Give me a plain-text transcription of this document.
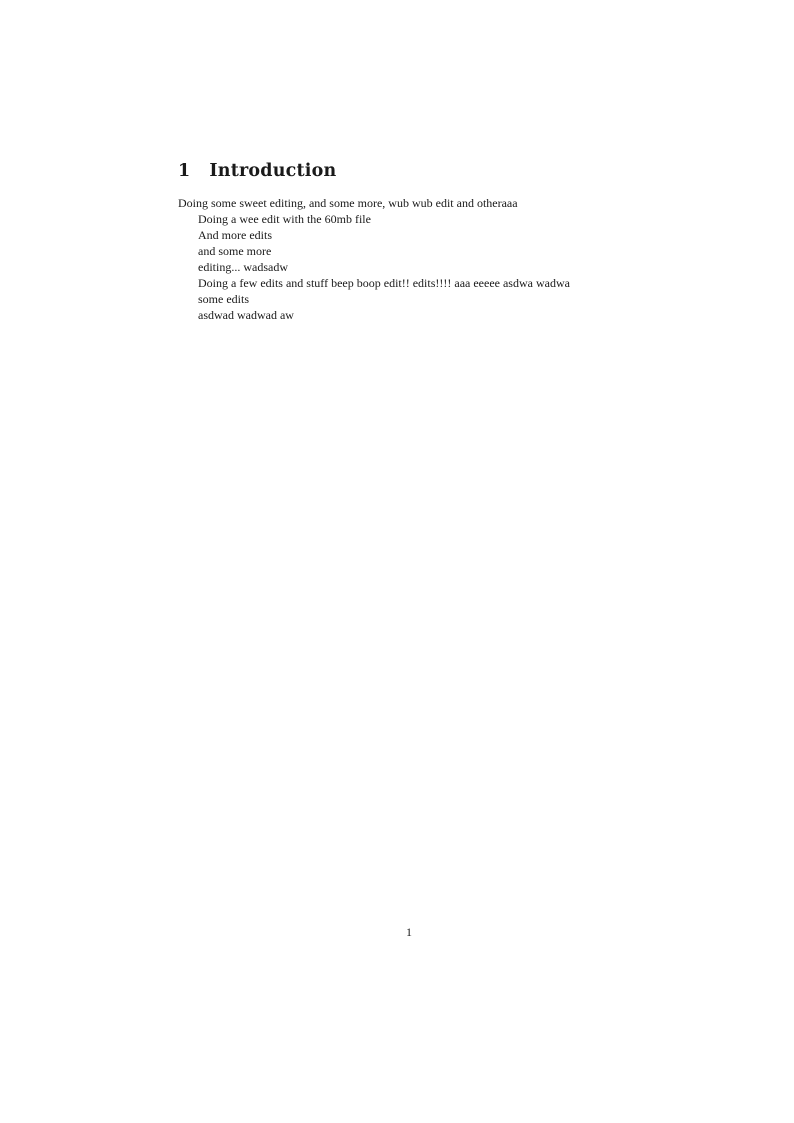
1 Introduction

Doing some sweet editing, and some more, wub wub edit and otheraaa

Doing a wee edit with the 60mb file

And more edits

and some more

editing... wadsadw

Doing a few edits and stuff beep boop edit!! edits!!!! aaa eeeee asdwa wadwa

some edits

asdwad wadwad aw

1
